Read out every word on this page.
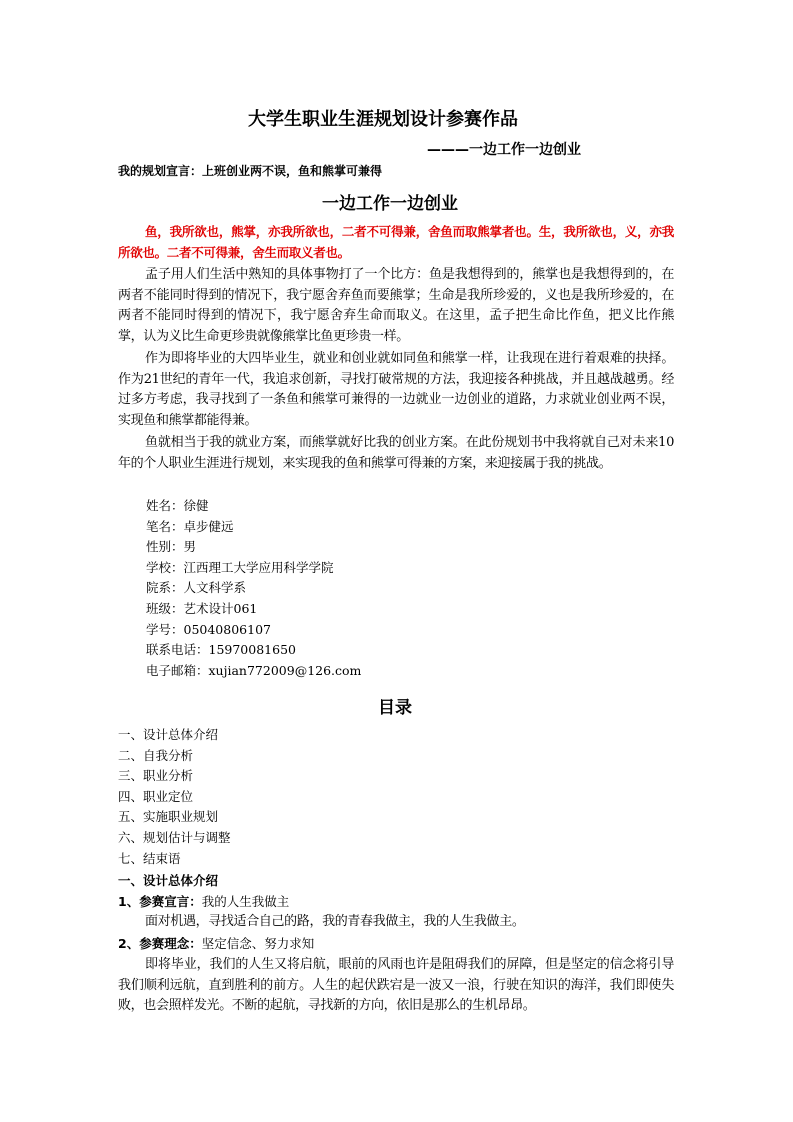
大学生职业生涯规划设计参赛作品
———一边工作一边创业
我的规划宣言：上班创业两不误，鱼和熊掌可兼得
一边工作一边创业
鱼，我所欲也，熊掌，亦我所欲也，二者不可得兼，舍鱼而取熊掌者也。生，我所欲也，义，亦我所欲也。二者不可得兼，舍生而取义者也。
孟子用人们生活中熟知的具体事物打了一个比方：鱼是我想得到的，熊掌也是我想得到的，在两者不能同时得到的情况下，我宁愿舍弃鱼而要熊掌；生命是我所珍爱的，义也是我所珍爱的，在两者不能同时得到的情况下，我宁愿舍弃生命而取义。在这里，孟子把生命比作鱼，把义比作熊掌，认为义比生命更珍贵就像熊掌比鱼更珍贵一样。
作为即将毕业的大四毕业生，就业和创业就如同鱼和熊掌一样，让我现在进行着艰难的抉择。作为21世纪的青年一代，我追求创新，寻找打破常规的方法，我迎接各种挑战，并且越战越勇。经过多方考虑，我寻找到了一条鱼和熊掌可兼得的一边就业一边创业的道路，力求就业创业两不误，实现鱼和熊掌都能得兼。
鱼就相当于我的就业方案，而熊掌就好比我的创业方案。在此份规划书中我将就自己对未来10年的个人职业生涯进行规划，来实现我的鱼和熊掌可得兼的方案，来迎接属于我的挑战。
姓名：徐健
笔名：卓步健远
性别：男
学校：江西理工大学应用科学学院
院系：人文科学系
班级：艺术设计061
学号：05040806107
联系电话：15970081650
电子邮箱：xujian772009@126.com
目录
一、设计总体介绍
二、自我分析
三、职业分析
四、职业定位
五、实施职业规划
六、规划估计与调整
七、结束语
一、设计总体介绍
1、参赛宣言：我的人生我做主
面对机遇，寻找适合自己的路，我的青春我做主，我的人生我做主。
2、参赛理念：坚定信念、努力求知
即将毕业，我们的人生又将启航，眼前的风雨也许是阻碍我们的屏障，但是坚定的信念将引导我们顺利远航，直到胜利的前方。人生的起伏跌宕是一波又一浪，行驶在知识的海洋，我们即使失败，也会照样发光。不断的起航，寻找新的方向，依旧是那么的生机昂昂。
